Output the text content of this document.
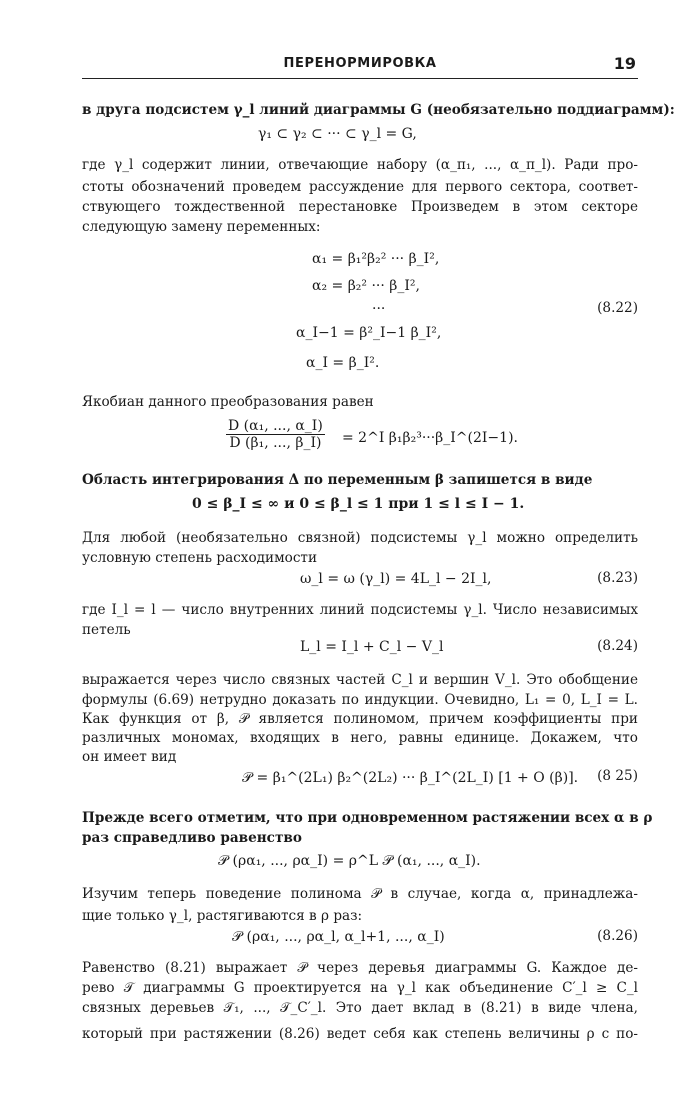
ПЕРЕНОРМИРОВКА	19
в друга подсистем γ_l линий диаграммы G (необязательно поддиаграмм):
γ₁ ⊂ γ₂ ⊂ ··· ⊂ γ_l = G,
где γ_l содержит линии, отвечающие набору (α_π₁, ..., α_π_l). Ради про-
стоты обозначений проведем рассуждение для первого сектора, соответ-
ствующего тождественной перестановке Произведем в этом секторе
следующую замену переменных:
α₁ = β₁²β₂² ··· β_I²,
α₂ = β₂² ··· β_I²,
···
α_I−1 = β²_I−1 β_I²,
α_I = β_I².
(8.22)
Якобиан данного преобразования равен
$\frac{\text{D (α₁, ..., α\_I)}}{\text{D (β₁, ..., β\_I)}}$ = 2^I β₁β₂³···β_I^(2I−1).
Область интегрирования Δ по переменным β запишется в виде
0 ≤ β_I ≤ ∞ и 0 ≤ β_l ≤ 1 при 1 ≤ l ≤ I − 1.
Для любой (необязательно связной) подсистемы γ_l можно определить
условную степень расходимости
ω_l = ω (γ_l) = 4L_l − 2I_l,	(8.23)
где I_l = l — число внутренних линий подсистемы γ_l. Число независимых
петель
L_l = I_l + C_l − V_l	(8.24)
выражается через число связных частей C_l и вершин V_l. Это обобщение
формулы (6.69) нетрудно доказать по индукции. Очевидно, L₁ = 0, L_I = L.
Как функция от β, 𝒫 является полиномом, причем коэффициенты при
различных мономах, входящих в него, равны единице. Докажем, что
он имеет вид
𝒫 = β₁^(2L₁) β₂^(2L₂) ··· β_I^(2L_I) [1 + O (β)]. (8 25)
Прежде всего отметим, что при одновременном растяжении всех α в ρ
раз справедливо равенство
𝒫 (ρα₁, ..., ρα_I) = ρ^L 𝒫 (α₁, ..., α_I).
Изучим теперь поведение полинома 𝒫 в случае, когда α, принадлежа-
щие только γ_l, растягиваются в ρ раз:
𝒫 (ρα₁, ..., ρα_l, α_l+1, ..., α_I)	(8.26)
Равенство (8.21) выражает 𝒫 через деревья диаграммы G. Каждое де-
рево 𝒯 диаграммы G проектируется на γ_l как объединение C′_l ≥ C_l
связных деревьев 𝒯₁, ..., 𝒯_C′_l. Это дает вклад в (8.21) в виде члена,
который при растяжении (8.26) ведет себя как степень величины ρ с по-
